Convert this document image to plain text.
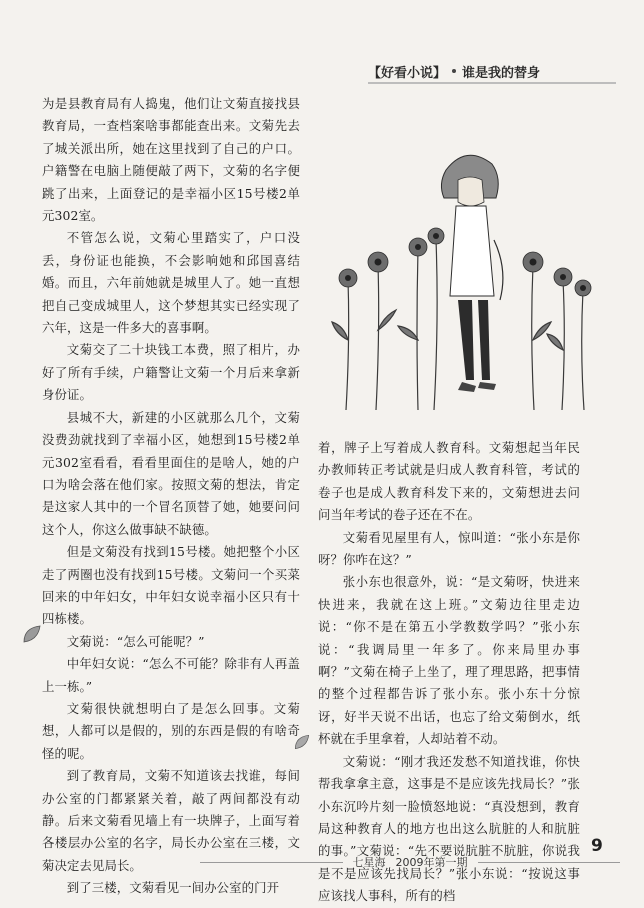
【好看小说】 谁是我的替身

为是县教育局有人捣鬼，他们让文菊直接找县教育局，一查档案啥事都能查出来。文菊先去了城关派出所，她在这里找到了自己的户口。户籍警在电脑上随便敲了两下，文菊的名字便跳了出来，上面登记的是幸福小区15号楼2单元302室。

不管怎么说，文菊心里踏实了，户口没丢，身份证也能换，不会影响她和邱国喜结婚。而且，六年前她就是城里人了。她一直想把自己变成城里人，这个梦想其实已经实现了六年，这是一件多大的喜事啊。

文菊交了二十块钱工本费，照了相片，办好了所有手续，户籍警让文菊一个月后来拿新身份证。

县城不大，新建的小区就那么几个，文菊没费劲就找到了幸福小区，她想到15号楼2单元302室看看，看看里面住的是啥人，她的户口为啥会落在他们家。按照文菊的想法，肯定是这家人其中的一个冒名顶替了她，她要问问这个人，你这么做事缺不缺德。

但是文菊没有找到15号楼。她把整个小区走了两圈也没有找到15号楼。文菊问一个买菜回来的中年妇女，中年妇女说幸福小区只有十四栋楼。

文菊说：“怎么可能呢？”

中年妇女说：“怎么不可能？除非有人再盖上一栋。”

文菊很快就想明白了是怎么回事。文菊想，人都可以是假的，别的东西是假的有啥奇怪的呢。

到了教育局，文菊不知道该去找谁，每间办公室的门都紧紧关着，敲了两间都没有动静。后来文菊看见墙上有一块牌子，上面写着各楼层办公室的名字，局长办公室在三楼，文菊决定去见局长。

到了三楼，文菊看见一间办公室的门开

着，牌子上写着成人教育科。文菊想起当年民办教师转正考试就是归成人教育科管，考试的卷子也是成人教育科发下来的，文菊想进去问问当年考试的卷子还在不在。

文菊看见屋里有人，惊叫道：“张小东是你呀？你咋在这？”

张小东也很意外，说：“是文菊呀，快进来快进来，我就在这上班。”文菊边往里走边说：“你不是在第五小学教数学吗？”张小东说：“我调局里一年多了。你来局里办事啊？”文菊在椅子上坐了，理了理思路，把事情的整个过程都告诉了张小东。张小东十分惊讶，好半天说不出话，也忘了给文菊倒水，纸杯就在手里拿着，人却站着不动。

文菊说：“刚才我还发愁不知道找谁，你快帮我拿拿主意，这事是不是应该先找局长？”张小东沉吟片刻一脸愤怒地说：“真没想到，教育局这种教育人的地方也出这么肮脏的人和肮脏的事。”文菊说：“先不要说肮脏不肮脏，你说我是不是应该先找局长？”张小东说：“按说这事应该找人事科，所有的档

七星海 2009年第一期
9
